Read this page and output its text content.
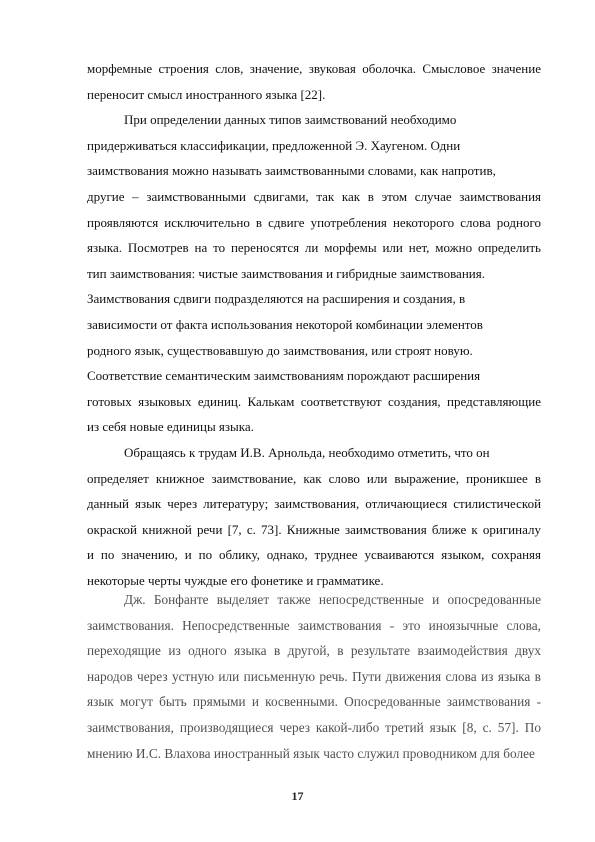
морфемные строения слов, значение, звуковая оболочка. Смысловое значение
переносит смысл иностранного языка [22].
При определении данных типов заимствований необходимо
придерживаться классификации, предложенной Э. Хаугеном. Одни
заимствования можно называть заимствованными словами, как напротив,
другие – заимствованными сдвигами, так как в этом случае заимствования
проявляются исключительно в сдвиге употребления некоторого слова родного
языка. Посмотрев на то переносятся ли морфемы или нет, можно определить
тип заимствования: чистые заимствования и гибридные заимствования.
Заимствования сдвиги подразделяются на расширения и создания, в
зависимости от факта использования некоторой комбинации элементов
родного язык, существовавшую до заимствования, или строят новую.
Соответствие семантическим заимствованиям порождают расширения
готовых языковых единиц. Калькам соответствуют создания, представляющие
из себя новые единицы языка.
Обращаясь к трудам И.В. Арнольда, необходимо отметить, что он
определяет книжное заимствование, как слово или выражение, проникшее в
данный язык через литературу; заимствования, отличающиеся стилистической
окраской книжной речи [7, с. 73]. Книжные заимствования ближе к оригиналу
и по значению, и по облику, однако, труднее усваиваются языком, сохраняя
некоторые черты чуждые его фонетике и грамматике.
Дж. Бонфанте выделяет также непосредственные и опосредованные
заимствования. Непосредственные заимствования - это иноязычные слова,
переходящие из одного языка в другой, в результате взаимодействия двух
народов через устную или письменную речь. Пути движения слова из языка в
язык могут быть прямыми и косвенными. Опосредованные заимствования -
заимствования, производящиеся через какой-либо третий язык [8, с. 57]. По
мнению И.С. Влахова иностранный язык часто служил проводником для более
17
